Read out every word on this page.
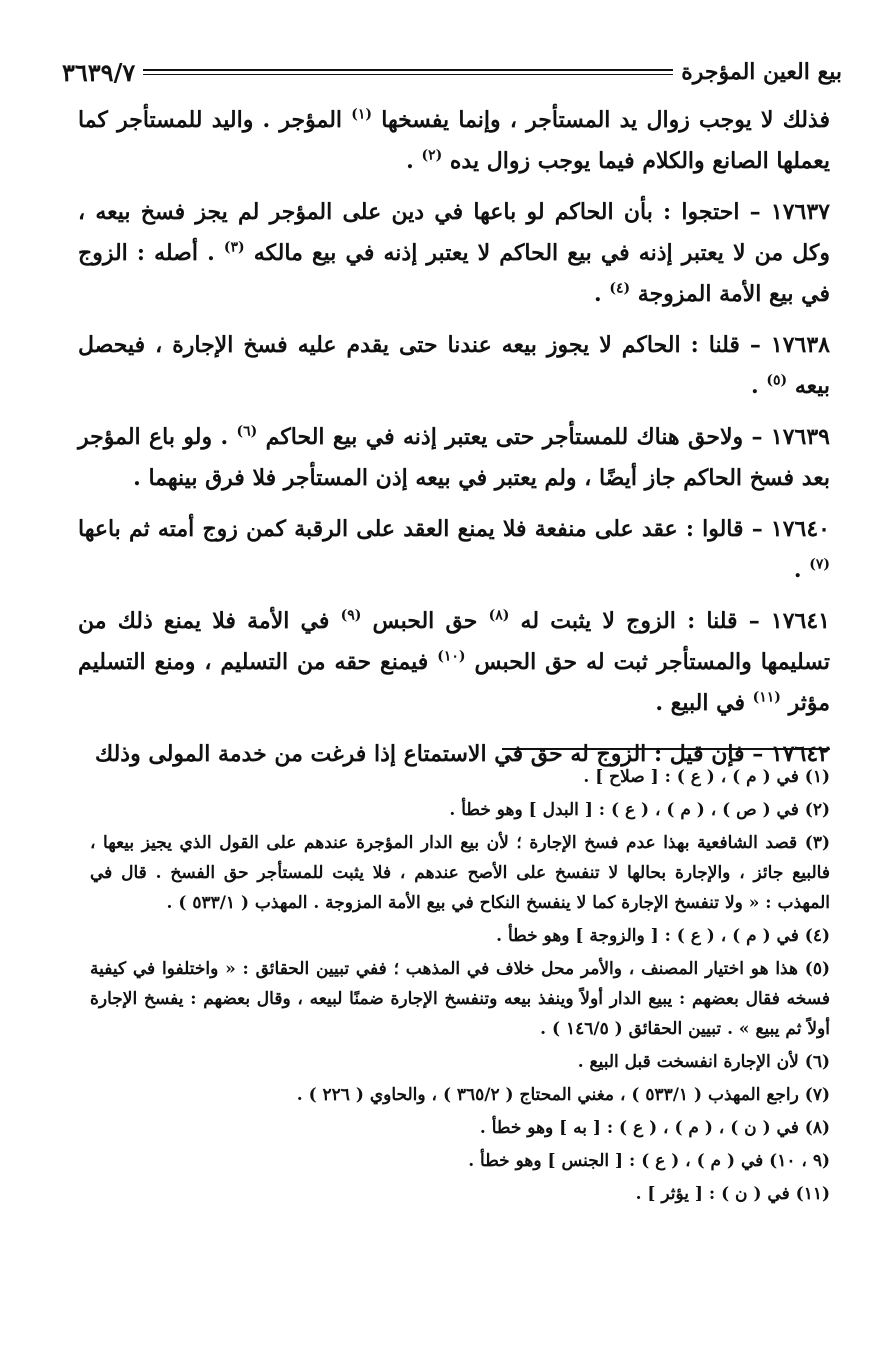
بيع العين المؤجرة
٣٦٣٩/٧

فذلك لا يوجب زوال يد المستأجر ، وإنما يفسخها $^{(١)}$ المؤجر . واليد للمستأجر كما يعملها الصانع والكلام فيما يوجب زوال يده $^{(٢)}$ .

١٧٦٣٧ – احتجوا : بأن الحاكم لو باعها في دين على المؤجر لم يجز فسخ بيعه ، وكل من لا يعتبر إذنه في بيع الحاكم لا يعتبر إذنه في بيع مالكه $^{(٣)}$ . أصله : الزوج في بيع الأمة المزوجة $^{(٤)}$ .

١٧٦٣٨ – قلنا : الحاكم لا يجوز بيعه عندنا حتى يقدم عليه فسخ الإجارة ، فيحصل بيعه $^{(٥)}$ .

١٧٦٣٩ – ولاحق هناك للمستأجر حتى يعتبر إذنه في بيع الحاكم $^{(٦)}$ . ولو باع المؤجر بعد فسخ الحاكم جاز أيضًا ، ولم يعتبر في بيعه إذن المستأجر فلا فرق بينهما .

١٧٦٤٠ – قالوا : عقد على منفعة فلا يمنع العقد على الرقبة كمن زوج أمته ثم باعها $^{(٧)}$ .

١٧٦٤١ – قلنا : الزوج لا يثبت له $^{(٨)}$ حق الحبس $^{(٩)}$ في الأمة فلا يمنع ذلك من تسليمها والمستأجر ثبت له حق الحبس $^{(١٠)}$ فيمنع حقه من التسليم ، ومنع التسليم مؤثر $^{(١١)}$ في البيع .

١٧٦٤٢ – فإن قيل : الزوج له حق في الاستمتاع إذا فرغت من خدمة المولى وذلك

(١) في ( م ) ، ( ع ) : [ صلاح ] .

(٢) في ( ص ) ، ( م ) ، ( ع ) : [ البدل ] وهو خطأ .

(٣) قصد الشافعية بهذا عدم فسخ الإجارة ؛ لأن بيع الدار المؤجرة عندهم على القول الذي يجيز بيعها ، فالبيع جائز ، والإجارة بحالها لا تنفسخ على الأصح عندهم ، فلا يثبت للمستأجر حق الفسخ . قال في المهذب : « ولا تنفسخ الإجارة كما لا ينفسخ النكاح في بيع الأمة المزوجة . المهذب ( ٥٣٣/١ ) .

(٤) في ( م ) ، ( ع ) : [ والزوجة ] وهو خطأ .

(٥) هذا هو اختيار المصنف ، والأمر محل خلاف في المذهب ؛ ففي تبيين الحقائق : « واختلفوا في كيفية فسخه فقال بعضهم : يبيع الدار أولاً وينفذ بيعه وتنفسخ الإجارة ضمنًا لبيعه ، وقال بعضهم : يفسخ الإجارة أولاً ثم يبيع » . تبيين الحقائق ( ١٤٦/٥ ) .

(٦) لأن الإجارة انفسخت قبل البيع .

(٧) راجع المهذب ( ٥٣٣/١ ) ، مغني المحتاج ( ٣٦٥/٢ ) ، والحاوي ( ٢٢٦ ) .

(٨) في ( ن ) ، ( م ) ، ( ع ) : [ به ] وهو خطأ .

(٩ ، ١٠) في ( م ) ، ( ع ) : [ الجنس ] وهو خطأ .

(١١) في ( ن ) : [ يؤثر ] .
